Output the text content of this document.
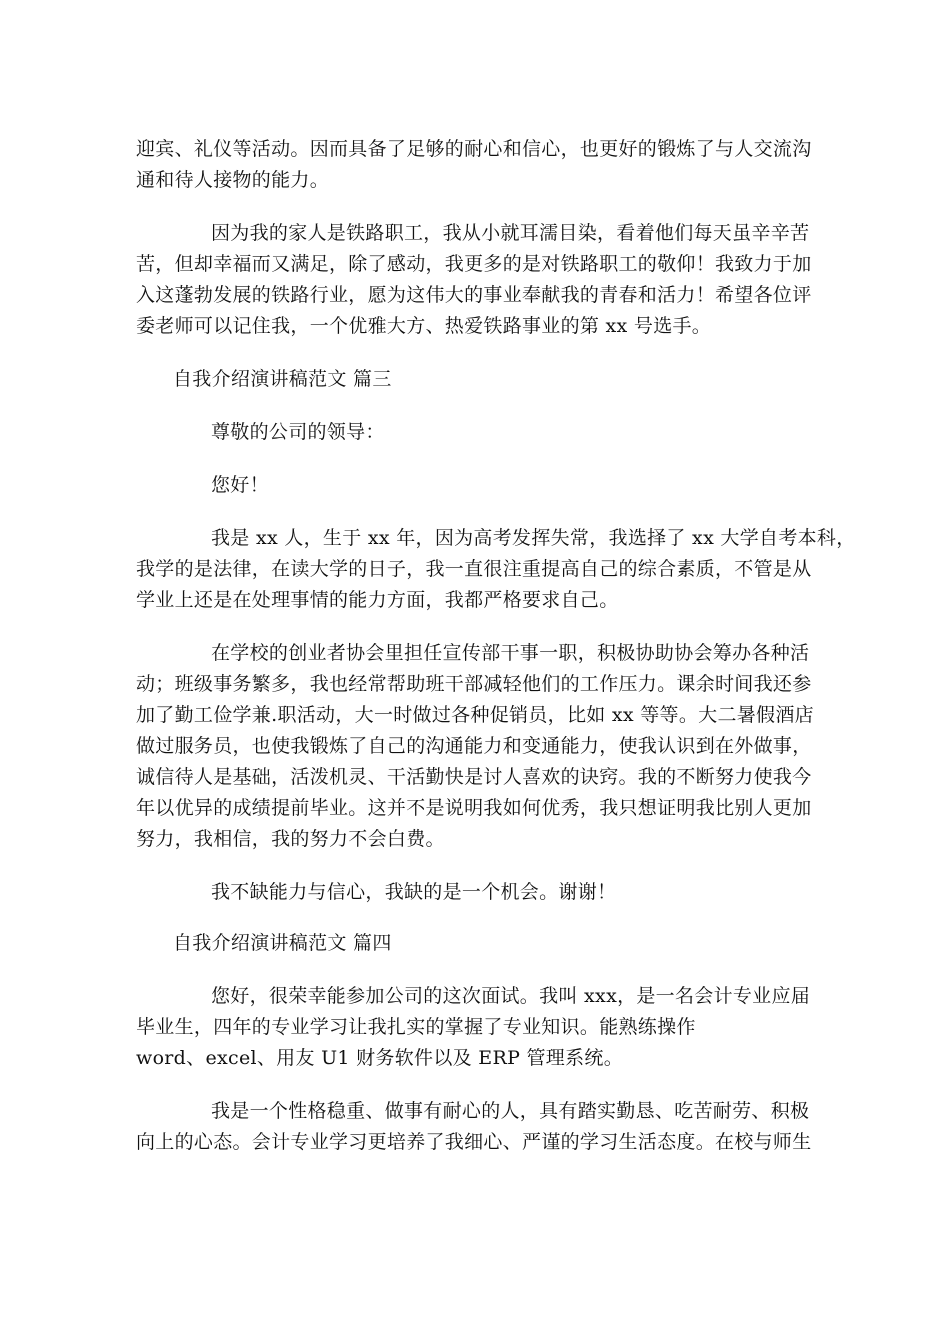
迎宾、礼仪等活动。因而具备了足够的耐心和信心，也更好的锻炼了与人交流沟
通和待人接物的能力。
因为我的家人是铁路职工，我从小就耳濡目染，看着他们每天虽辛辛苦
苦，但却幸福而又满足，除了感动，我更多的是对铁路职工的敬仰！我致力于加
入这蓬勃发展的铁路行业，愿为这伟大的事业奉献我的青春和活力！希望各位评
委老师可以记住我，一个优雅大方、热爱铁路事业的第 xx 号选手。
自我介绍演讲稿范文 篇三
尊敬的公司的领导：
您好！
我是 xx 人，生于 xx 年，因为高考发挥失常，我选择了 xx 大学自考本科，
我学的是法律，在读大学的日子，我一直很注重提高自己的综合素质，不管是从
学业上还是在处理事情的能力方面，我都严格要求自己。
在学校的创业者协会里担任宣传部干事一职，积极协助协会筹办各种活
动；班级事务繁多，我也经常帮助班干部减轻他们的工作压力。课余时间我还参
加了勤工俭学兼.职活动，大一时做过各种促销员，比如 xx 等等。大二暑假酒店
做过服务员，也使我锻炼了自己的沟通能力和变通能力，使我认识到在外做事，
诚信待人是基础，活泼机灵、干活勤快是讨人喜欢的诀窍。我的不断努力使我今
年以优异的成绩提前毕业。这并不是说明我如何优秀，我只想证明我比别人更加
努力，我相信，我的努力不会白费。
我不缺能力与信心，我缺的是一个机会。谢谢！
自我介绍演讲稿范文 篇四
您好，很荣幸能参加公司的这次面试。我叫 xxx，是一名会计专业应届
毕业生，四年的专业学习让我扎实的掌握了专业知识。能熟练操作
word、excel、用友 U1 财务软件以及 ERP 管理系统。
我是一个性格稳重、做事有耐心的人，具有踏实勤恳、吃苦耐劳、积极
向上的心态。会计专业学习更培养了我细心、严谨的学习生活态度。在校与师生
